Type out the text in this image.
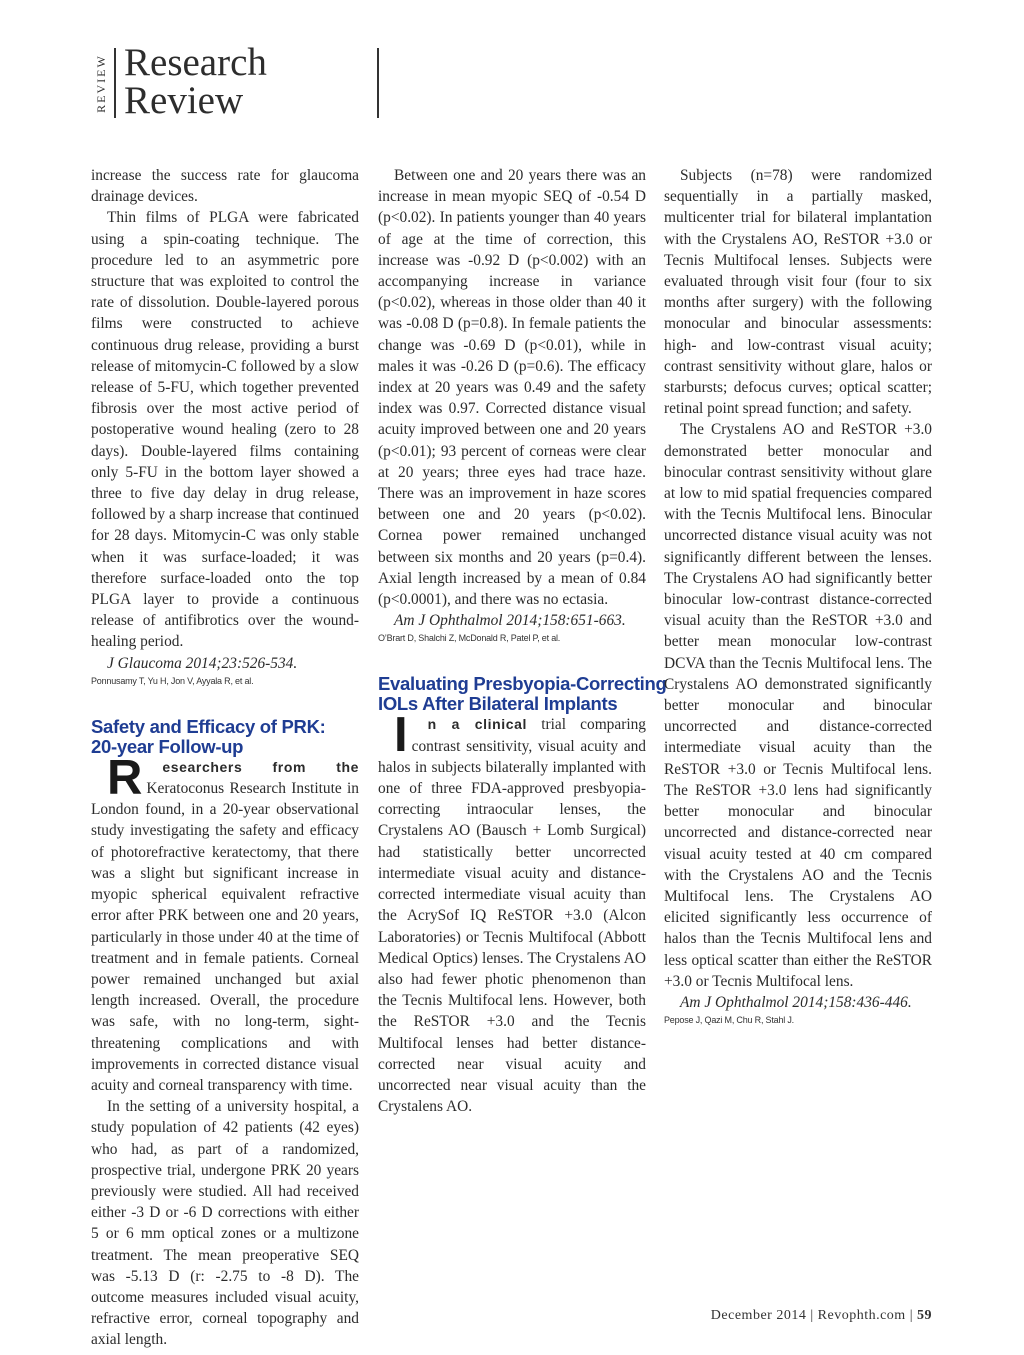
REVIEW Research
Review

increase the success rate for glaucoma drainage devices.

Thin films of PLGA were fabricated using a spin-coating technique. The procedure led to an asymmetric pore structure that was exploited to control the rate of dissolution. Double-layered porous films were constructed to achieve continuous drug release, providing a burst release of mitomycin-C followed by a slow release of 5-FU, which together prevented fibrosis over the most active period of postoperative wound healing (zero to 28 days). Double-layered films containing only 5-FU in the bottom layer showed a three to five day delay in drug release, followed by a sharp increase that continued for 28 days. Mitomycin-C was only stable when it was surface-loaded; it was therefore surface-loaded onto the top PLGA layer to provide a continuous release of antifibrotics over the wound-healing period.

J Glaucoma 2014;23:526-534.

Ponnusamy T, Yu H, Jon V, Ayyala R, et al.
Safety and Efficacy of PRK:
20-year Follow-up

R esearchers from the Keratoconus Research Institute in London found, in a 20-year observational study investigating the safety and efficacy of photorefractive keratectomy, that there was a slight but significant increase in myopic spherical equivalent refractive error after PRK between one and 20 years, particularly in those under 40 at the time of treatment and in female patients. Corneal power remained unchanged but axial length increased. Overall, the procedure was safe, with no long-term, sight-threatening complications and with improvements in corrected distance visual acuity and corneal transparency with time.

In the setting of a university hospital, a study population of 42 patients (42 eyes) who had, as part of a randomized, prospective trial, undergone PRK 20 years previously were studied. All had received either -3 D or -6 D corrections with either 5 or 6 mm optical zones or a multizone treatment. The mean preoperative SEQ was -5.13 D (r: -2.75 to -8 D). The outcome measures included visual acuity, refractive error, corneal topography and axial length.

Between one and 20 years there was an increase in mean myopic SEQ of -0.54 D (p<0.02). In patients younger than 40 years of age at the time of correction, this increase was -0.92 D (p<0.002) with an accompanying increase in variance (p<0.02), whereas in those older than 40 it was -0.08 D (p=0.8). In female patients the change was -0.69 D (p<0.01), while in males it was -0.26 D (p=0.6). The efficacy index at 20 years was 0.49 and the safety index was 0.97. Corrected distance visual acuity improved between one and 20 years (p<0.01); 93 percent of corneas were clear at 20 years; three eyes had trace haze. There was an improvement in haze scores between one and 20 years (p<0.02). Cornea power remained unchanged between six months and 20 years (p=0.4). Axial length increased by a mean of 0.84 (p<0.0001), and there was no ectasia.

Am J Ophthalmol 2014;158:651-663.

O’Brart D, Shalchi Z, McDonald R, Patel P, et al.
Evaluating Presbyopia-Correcting
IOLs After Bilateral Implants

I n a clinical trial comparing contrast sensitivity, visual acuity and halos in subjects bilaterally implanted with one of three FDA-approved presbyopia-correcting intraocular lenses, the Crystalens AO (Bausch + Lomb Surgical) had statistically better uncorrected intermediate visual acuity and distance-corrected intermediate visual acuity than the AcrySof IQ ReSTOR +3.0 (Alcon Laboratories) or Tecnis Multifocal (Abbott Medical Optics) lenses. The Crystalens AO also had fewer photic phenomenon than the Tecnis Multifocal lens. However, both the ReSTOR +3.0 and the Tecnis Multifocal lenses had better distance-corrected near visual acuity and uncorrected near visual acuity than the Crystalens AO.

Subjects (n=78) were randomized sequentially in a partially masked, multicenter trial for bilateral implantation with the Crystalens AO, ReSTOR +3.0 or Tecnis Multifocal lenses. Subjects were evaluated through visit four (four to six months after surgery) with the following monocular and binocular assessments: high- and low-contrast visual acuity; contrast sensitivity without glare, halos or starbursts; defocus curves; optical scatter; retinal point spread function; and safety.

The Crystalens AO and ReSTOR +3.0 demonstrated better monocular and binocular contrast sensitivity without glare at low to mid spatial frequencies compared with the Tecnis Multifocal lens. Binocular uncorrected distance visual acuity was not significantly different between the lenses. The Crystalens AO had significantly better binocular low-contrast distance-corrected visual acuity than the ReSTOR +3.0 and better mean monocular low-contrast DCVA than the Tecnis Multifocal lens. The Crystalens AO demonstrated significantly better monocular and binocular uncorrected and distance-corrected intermediate visual acuity than the ReSTOR +3.0 or Tecnis Multifocal lens. The ReSTOR +3.0 lens had significantly better monocular and binocular uncorrected and distance-corrected near visual acuity tested at 40 cm compared with the Crystalens AO and the Tecnis Multifocal lens. The Crystalens AO elicited significantly less occurrence of halos than the Tecnis Multifocal lens and less optical scatter than either the ReSTOR +3.0 or Tecnis Multifocal lens.

Am J Ophthalmol 2014;158:436-446.

Pepose J, Qazi M, Chu R, Stahl J.
December 2014 | Revophth.com | 59
